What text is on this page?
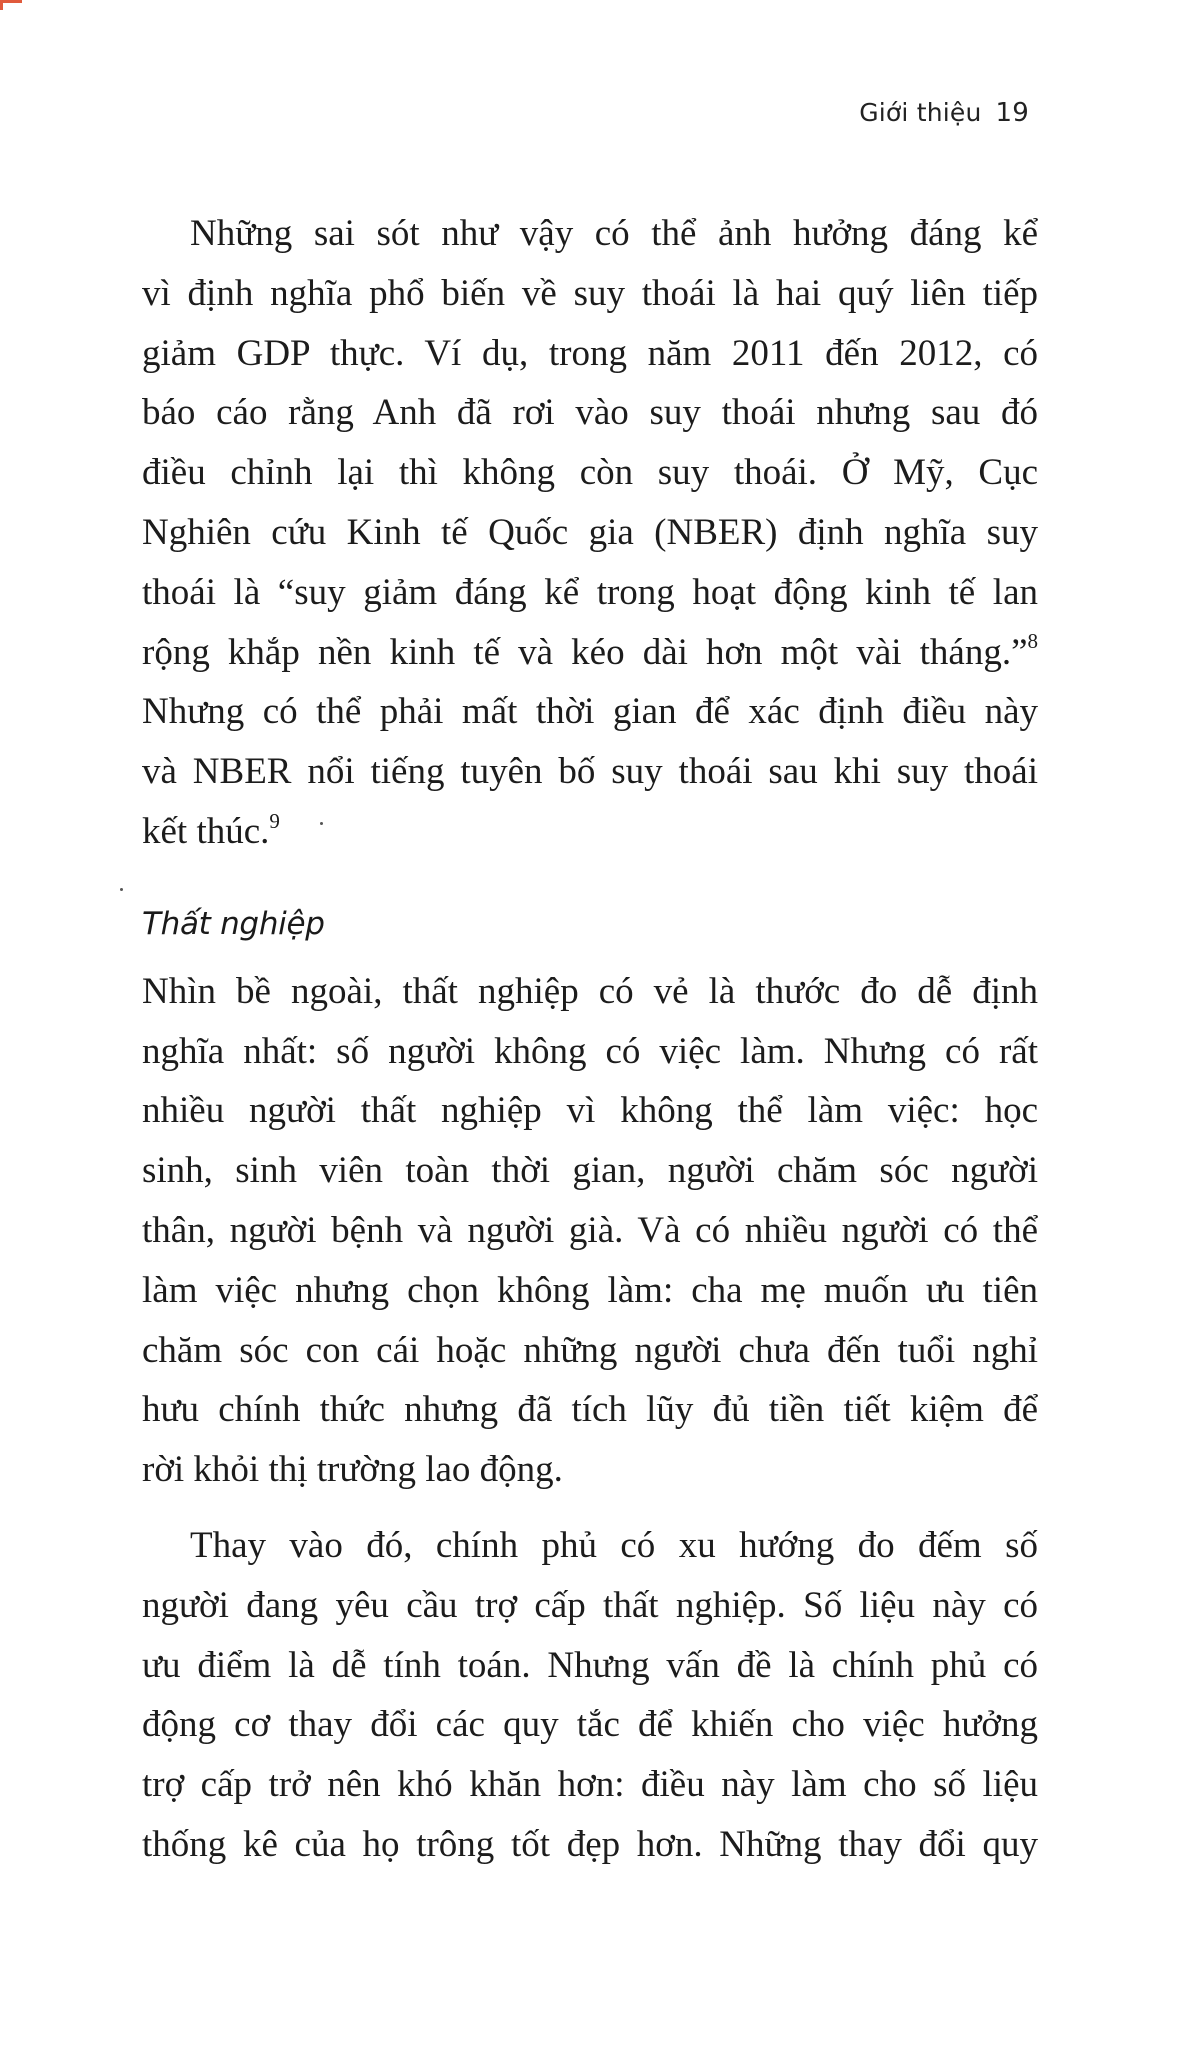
Giới thiệu 19
Những sai sót như vậy có thể ảnh hưởng đáng kể
vì định nghĩa phổ biến về suy thoái là hai quý liên tiếp
giảm GDP thực. Ví dụ, trong năm 2011 đến 2012, có
báo cáo rằng Anh đã rơi vào suy thoái nhưng sau đó
điều chỉnh lại thì không còn suy thoái. Ở Mỹ, Cục
Nghiên cứu Kinh tế Quốc gia (NBER) định nghĩa suy
thoái là “suy giảm đáng kể trong hoạt động kinh tế lan
rộng khắp nền kinh tế và kéo dài hơn một vài tháng.”$^8$
Nhưng có thể phải mất thời gian để xác định điều này
và NBER nổi tiếng tuyên bố suy thoái sau khi suy thoái
kết thúc.$^9$
Thất nghiệp
Nhìn bề ngoài, thất nghiệp có vẻ là thước đo dễ định
nghĩa nhất: số người không có việc làm. Nhưng có rất
nhiều người thất nghiệp vì không thể làm việc: học
sinh, sinh viên toàn thời gian, người chăm sóc người
thân, người bệnh và người già. Và có nhiều người có thể
làm việc nhưng chọn không làm: cha mẹ muốn ưu tiên
chăm sóc con cái hoặc những người chưa đến tuổi nghỉ
hưu chính thức nhưng đã tích lũy đủ tiền tiết kiệm để
rời khỏi thị trường lao động.
Thay vào đó, chính phủ có xu hướng đo đếm số
người đang yêu cầu trợ cấp thất nghiệp. Số liệu này có
ưu điểm là dễ tính toán. Nhưng vấn đề là chính phủ có
động cơ thay đổi các quy tắc để khiến cho việc hưởng
trợ cấp trở nên khó khăn hơn: điều này làm cho số liệu
thống kê của họ trông tốt đẹp hơn. Những thay đổi quy
